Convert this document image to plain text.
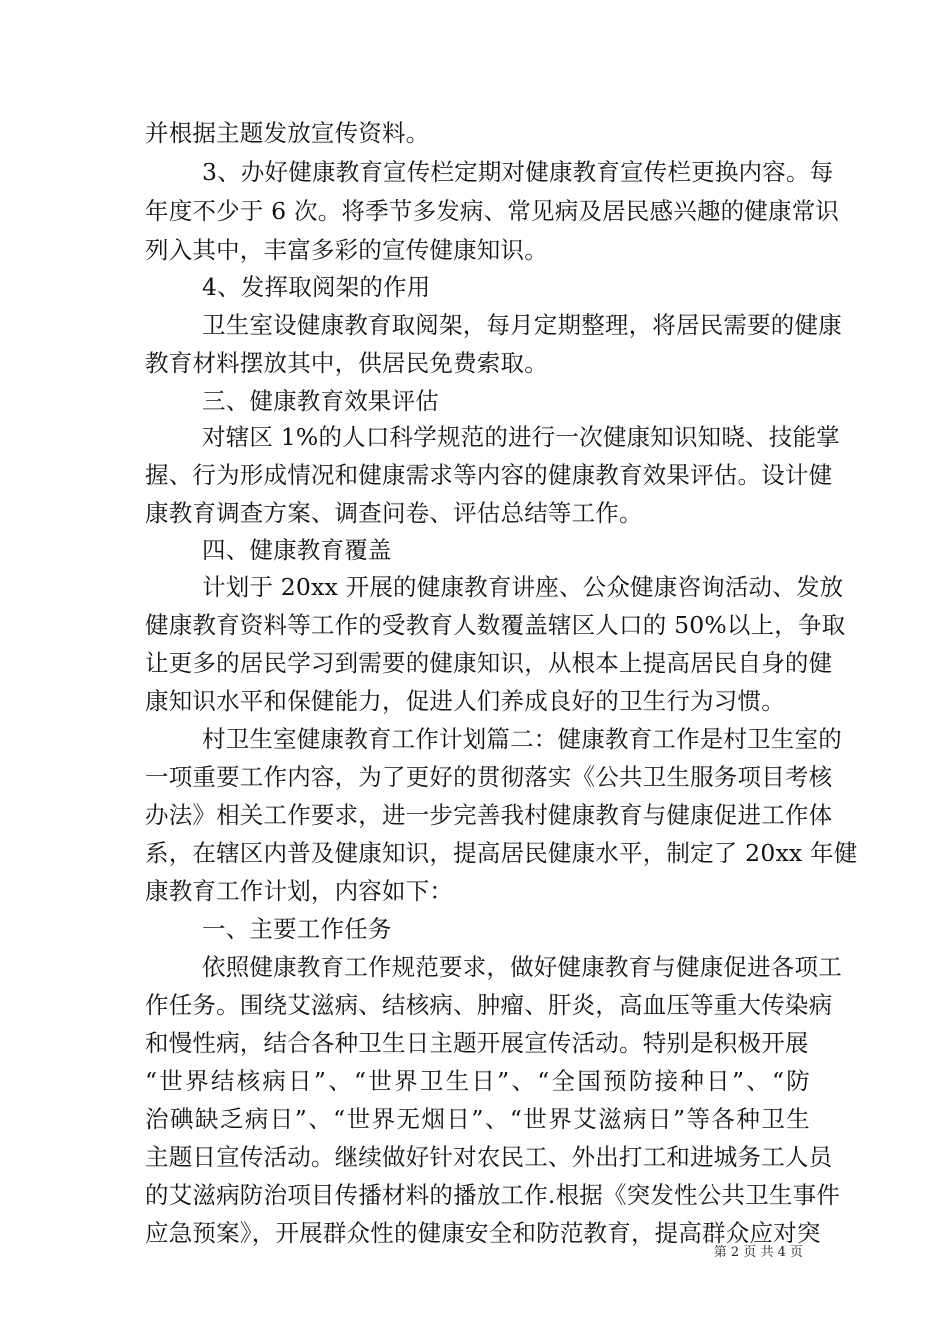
并根据主题发放宣传资料。
3、办好健康教育宣传栏定期对健康教育宣传栏更换内容。每
年度不少于 6 次。将季节多发病、常见病及居民感兴趣的健康常识
列入其中，丰富多彩的宣传健康知识。
4、发挥取阅架的作用
卫生室设健康教育取阅架，每月定期整理，将居民需要的健康
教育材料摆放其中，供居民免费索取。
三、健康教育效果评估
对辖区 1%的人口科学规范的进行一次健康知识知晓、技能掌
握、行为形成情况和健康需求等内容的健康教育效果评估。设计健
康教育调查方案、调查问卷、评估总结等工作。
四、健康教育覆盖
计划于 20xx 开展的健康教育讲座、公众健康咨询活动、发放
健康教育资料等工作的受教育人数覆盖辖区人口的 50%以上，争取
让更多的居民学习到需要的健康知识，从根本上提高居民自身的健
康知识水平和保健能力，促进人们养成良好的卫生行为习惯。
村卫生室健康教育工作计划篇二：健康教育工作是村卫生室的
一项重要工作内容，为了更好的贯彻落实《公共卫生服务项目考核
办法》相关工作要求，进一步完善我村健康教育与健康促进工作体
系，在辖区内普及健康知识，提高居民健康水平，制定了 20xx 年健
康教育工作计划，内容如下：
一、主要工作任务
依照健康教育工作规范要求，做好健康教育与健康促进各项工
作任务。围绕艾滋病、结核病、肿瘤、肝炎，高血压等重大传染病
和慢性病，结合各种卫生日主题开展宣传活动。特别是积极开展
“世界结核病日”、“世界卫生日”、“全国预防接种日”、“防
治碘缺乏病日”、“世界无烟日”、“世界艾滋病日”等各种卫生
主题日宣传活动。继续做好针对农民工、外出打工和进城务工人员
的艾滋病防治项目传播材料的播放工作.根据《突发性公共卫生事件
应急预案》，开展群众性的健康安全和防范教育，提高群众应对突
第 2 页 共 4 页
